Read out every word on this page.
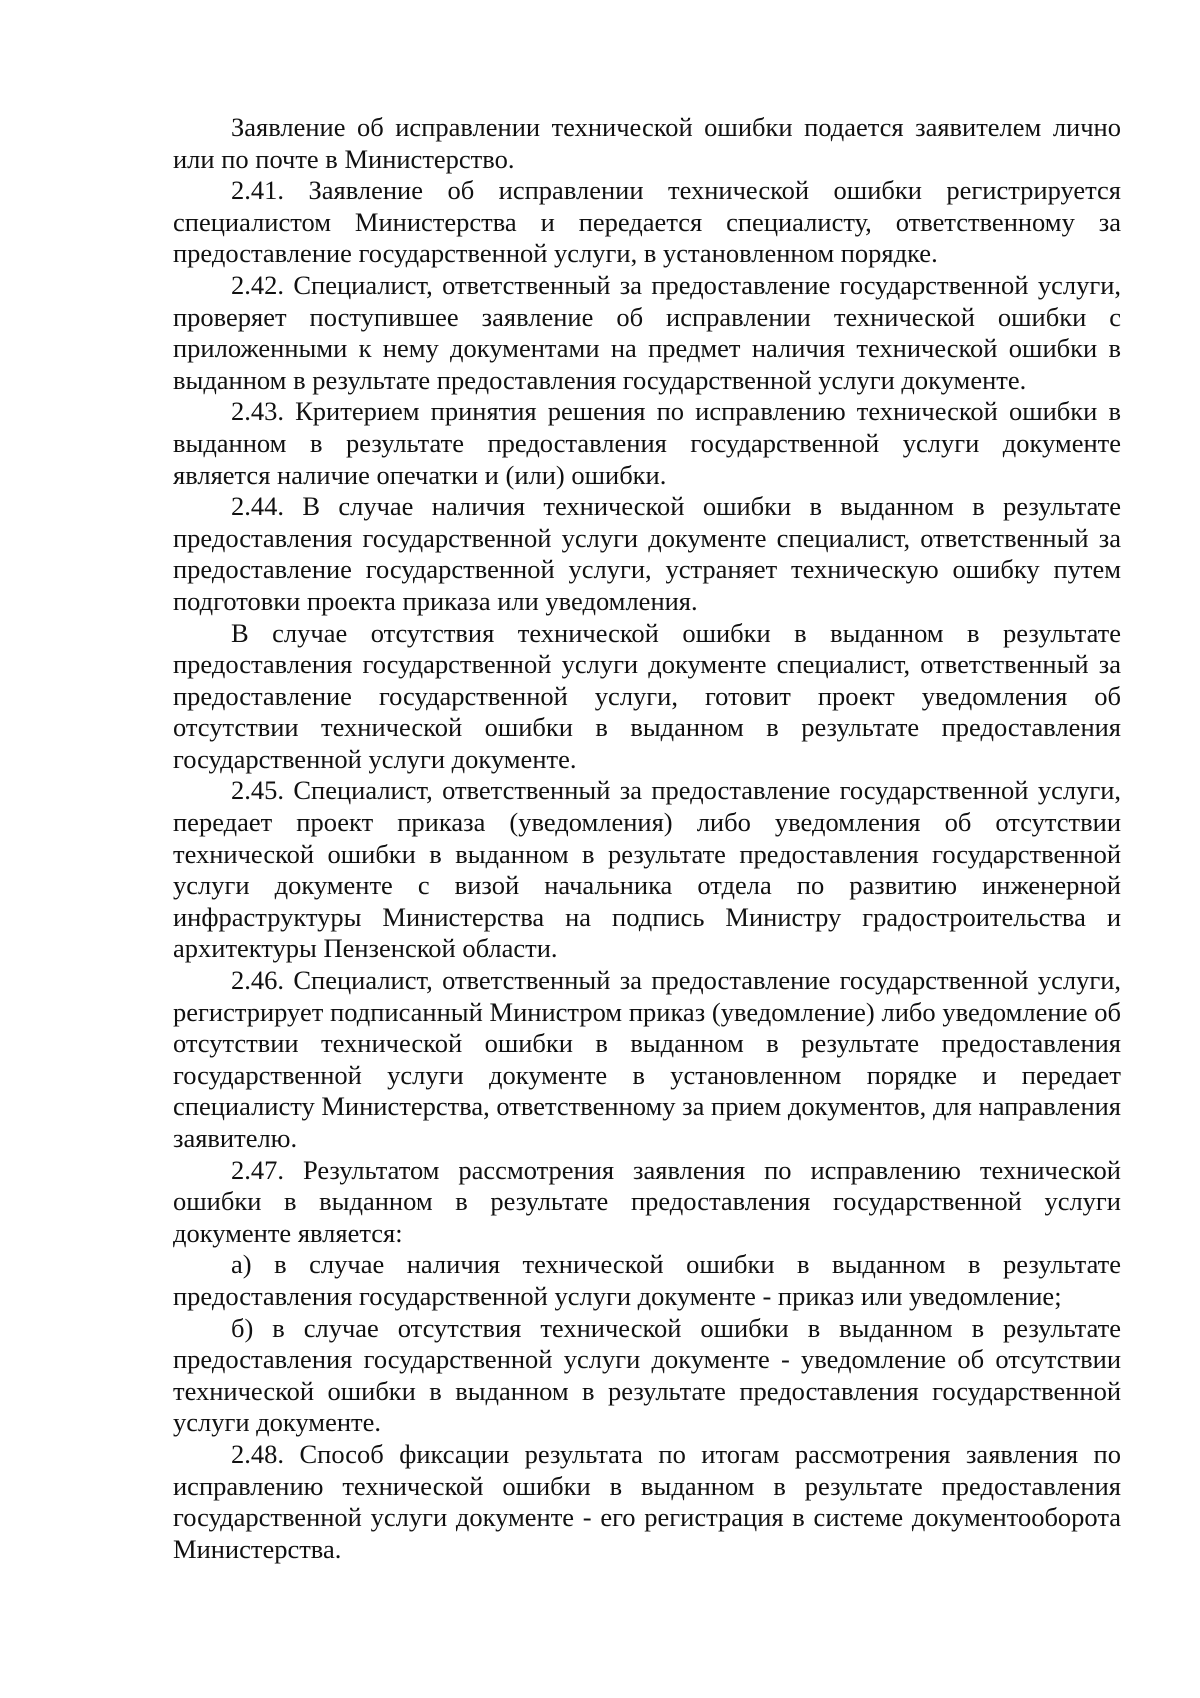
Заявление об исправлении технической ошибки подается заявителем лично или по почте в Министерство.

2.41. Заявление об исправлении технической ошибки регистрируется специалистом Министерства и передается специалисту, ответственному за предоставление государственной услуги, в установленном порядке.

2.42. Специалист, ответственный за предоставление государственной услуги, проверяет поступившее заявление об исправлении технической ошибки с приложенными к нему документами на предмет наличия технической ошибки в выданном в результате предоставления государственной услуги документе.

2.43. Критерием принятия решения по исправлению технической ошибки в выданном в результате предоставления государственной услуги документе является наличие опечатки и (или) ошибки.

2.44. В случае наличия технической ошибки в выданном в результате предоставления государственной услуги документе специалист, ответственный за предоставление государственной услуги, устраняет техническую ошибку путем подготовки проекта приказа или уведомления.

В случае отсутствия технической ошибки в выданном в результате предоставления государственной услуги документе специалист, ответственный за предоставление государственной услуги, готовит проект уведомления об отсутствии технической ошибки в выданном в результате предоставления государственной услуги документе.

2.45. Специалист, ответственный за предоставление государственной услуги, передает проект приказа (уведомления) либо уведомления об отсутствии технической ошибки в выданном в результате предоставления государственной услуги документе с визой начальника отдела по развитию инженерной инфраструктуры Министерства на подпись Министру градостроительства и архитектуры Пензенской области.

2.46. Специалист, ответственный за предоставление государственной услуги, регистрирует подписанный Министром приказ (уведомление) либо уведомление об отсутствии технической ошибки в выданном в результате предоставления государственной услуги документе в установленном порядке и передает специалисту Министерства, ответственному за прием документов, для направления заявителю.

2.47. Результатом рассмотрения заявления по исправлению технической ошибки в выданном в результате предоставления государственной услуги документе является:

а) в случае наличия технической ошибки в выданном в результате предоставления государственной услуги документе - приказ или уведомление;

б) в случае отсутствия технической ошибки в выданном в результате предоставления государственной услуги документе - уведомление об отсутствии технической ошибки в выданном в результате предоставления государственной услуги документе.

2.48. Способ фиксации результата по итогам рассмотрения заявления по исправлению технической ошибки в выданном в результате предоставления государственной услуги документе - его регистрация в системе документооборота Министерства.
